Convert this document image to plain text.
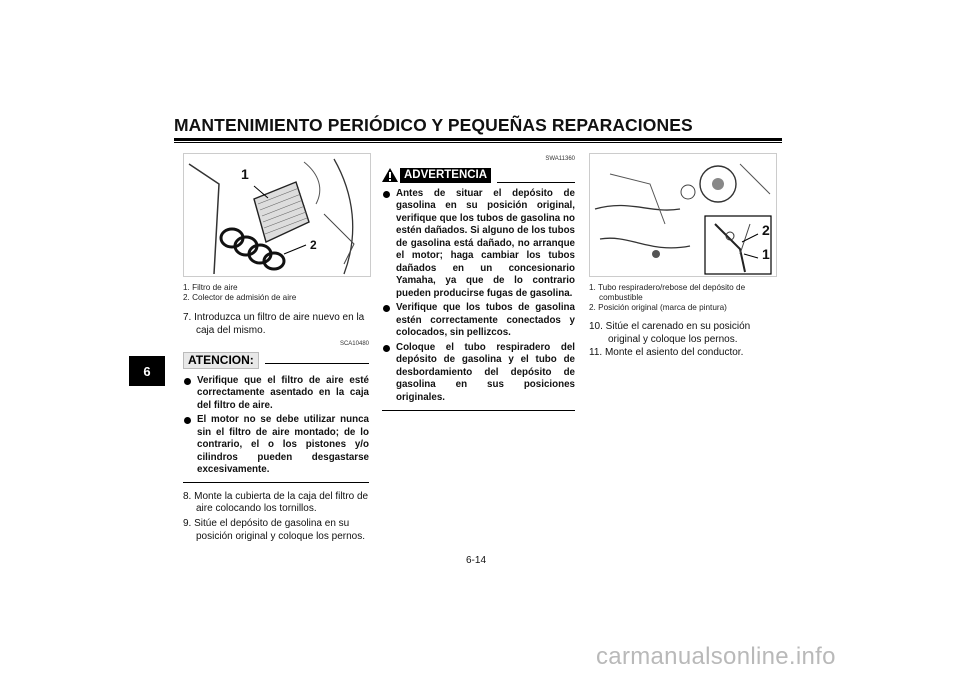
MANTENIMIENTO PERIÓDICO Y PEQUEÑAS REPARACIONES
6
1
2
1. Filtro de aire
2. Colector de admisión de aire
7. Introduzca un filtro de aire nuevo en la caja del mismo.
SCA10480
ATENCION:
Verifique que el filtro de aire esté correctamente asentado en la caja del filtro de aire.
El motor no se debe utilizar nunca sin el filtro de aire montado; de lo contrario, el o los pistones y/o cilindros pueden desgastarse excesivamente.
8. Monte la cubierta de la caja del filtro de aire colocando los tornillos.
9. Sitúe el depósito de gasolina en su posición original y coloque los pernos.
SWA11360
ADVERTENCIA
Antes de situar el depósito de gasolina en su posición original, verifique que los tubos de gasolina no estén dañados. Si alguno de los tubos de gasolina está dañado, no arranque el motor; haga cambiar los tubos dañados en un concesionario Yamaha, ya que de lo contrario pueden producirse fugas de gasolina.
Verifique que los tubos de gasolina estén correctamente conectados y colocados, sin pellizcos.
Coloque el tubo respiradero del depósito de gasolina y el tubo de desbordamiento del depósito de gasolina en sus posiciones originales.
2
1
1. Tubo respiradero/rebose del depósito de combustible
2. Posición original (marca de pintura)
10. Sitúe el carenado en su posición original y coloque los pernos.
11. Monte el asiento del conductor.
6-14
carmanualsonline.info
